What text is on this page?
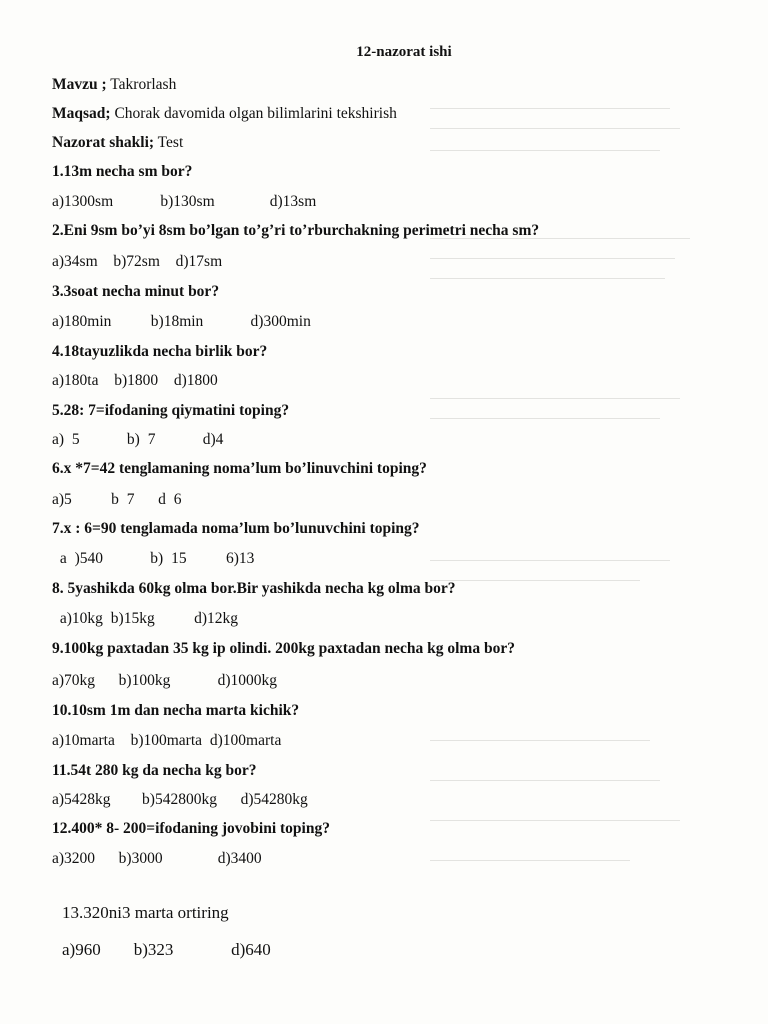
12-nazorat ishi
Mavzu ; Takrorlash
Maqsad; Chorak davomida olgan bilimlarini tekshirish
Nazorat shakli; Test
1.13m necha sm bor?
a)1300sm      b)130sm       d)13sm
2.Eni 9sm bo’yi 8sm bo’lgan to’g’ri to’rburchakning perimetri necha sm?
a)34sm  b)72sm  d)17sm
3.3soat necha minut bor?
a)180min     b)18min      d)300min
4.18tayuzlikda necha birlik bor?
a)180ta  b)1800  d)1800
5.28: 7=ifodaning qiymatini toping?
a) 5      b) 7      d)4
6.x *7=42 tenglamaning noma’lum bo’linuvchini toping?
a)5     b 7   d 6
7.x : 6=90 tenglamada noma’lum bo’lunuvchini toping?
a )540      b) 15     6)13
8. 5yashikda 60kg olma bor.Bir yashikda necha kg olma bor?
a)10kg b)15kg     d)12kg
9.100kg paxtadan 35 kg ip olindi. 200kg paxtadan necha kg olma bor?
a)70kg   b)100kg      d)1000kg
10.10sm 1m dan necha marta kichik?
a)10marta  b)100marta d)100marta
11.54t 280 kg da necha kg bor?
a)5428kg    b)542800kg   d)54280kg
12.400* 8- 200=ifodaning jovobini toping?
a)3200   b)3000       d)3400
13.320ni3 marta ortiring
a)960    b)323       d)640
